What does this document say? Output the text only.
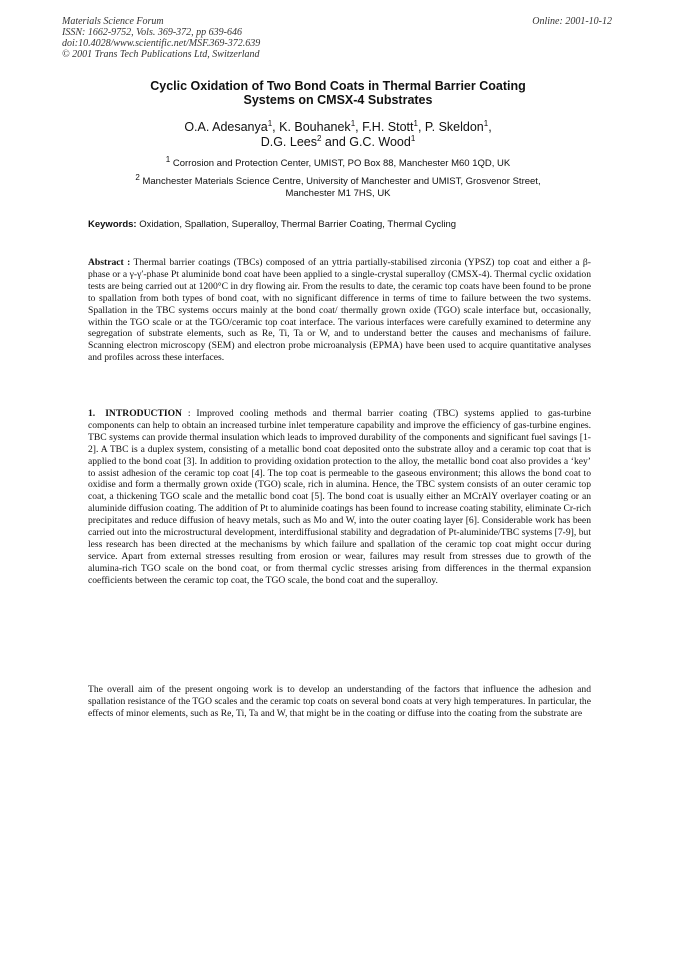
Materials Science Forum
ISSN: 1662-9752, Vols. 369-372, pp 639-646
doi:10.4028/www.scientific.net/MSF.369-372.639
© 2001 Trans Tech Publications Ltd, Switzerland
Online: 2001-10-12
Cyclic Oxidation of Two Bond Coats in Thermal Barrier Coating
Systems on CMSX-4 Substrates
O.A. Adesanya$^1$, K. Bouhanek$^1$, F.H. Stott$^1$, P. Skeldon$^1$,
D.G. Lees$^2$ and G.C. Wood$^1$
$^1$ Corrosion and Protection Center, UMIST, PO Box 88, Manchester M60 1QD, UK
$^2$ Manchester Materials Science Centre, University of Manchester and UMIST, Grosvenor Street,
Manchester M1 7HS, UK
Keywords: Oxidation, Spallation, Superalloy, Thermal Barrier Coating, Thermal Cycling
Abstract : Thermal barrier coatings (TBCs) composed of an yttria partially-stabilised zirconia (YPSZ) top coat and either a β-phase or a γ-γ′-phase Pt aluminide bond coat have been applied to a single-crystal superalloy (CMSX-4). Thermal cyclic oxidation tests are being carried out at 1200°C in dry flowing air. From the results to date, the ceramic top coats have been found to be prone to spallation from both types of bond coat, with no significant difference in terms of time to failure between the two systems. Spallation in the TBC systems occurs mainly at the bond coat/ thermally grown oxide (TGO) scale interface but, occasionally, within the TGO scale or at the TGO/ceramic top coat interface. The various interfaces were carefully examined to determine any segregation of substrate elements, such as Re, Ti, Ta or W, and to understand better the causes and mechanisms of failure. Scanning electron microscopy (SEM) and electron probe microanalysis (EPMA) have been used to acquire quantitative analyses and profiles across these interfaces.
1. INTRODUCTION : Improved cooling methods and thermal barrier coating (TBC) systems applied to gas-turbine components can help to obtain an increased turbine inlet temperature capability and improve the efficiency of gas-turbine engines. TBC systems can provide thermal insulation which leads to improved durability of the components and significant fuel savings [1-2]. A TBC is a duplex system, consisting of a metallic bond coat deposited onto the substrate alloy and a ceramic top coat that is applied to the bond coat [3]. In addition to providing oxidation protection to the alloy, the metallic bond coat also provides a ‘key’ to assist adhesion of the ceramic top coat [4]. The top coat is permeable to the gaseous environment; this allows the bond coat to oxidise and form a thermally grown oxide (TGO) scale, rich in alumina. Hence, the TBC system consists of an outer ceramic top coat, a thickening TGO scale and the metallic bond coat [5]. The bond coat is usually either an MCrAlY overlayer coating or an aluminide diffusion coating. The addition of Pt to aluminide coatings has been found to increase coating stability, eliminate Cr-rich precipitates and reduce diffusion of heavy metals, such as Mo and W, into the outer coating layer [6]. Considerable work has been carried out into the microstructural development, interdiffusional stability and degradation of Pt-aluminide/TBC systems [7-9], but less research has been directed at the mechanisms by which failure and spallation of the ceramic top coat might occur during service. Apart from external stresses resulting from erosion or wear, failures may result from stresses due to growth of the alumina-rich TGO scale on the bond coat, or from thermal cyclic stresses arising from differences in the thermal expansion coefficients between the ceramic top coat, the TGO scale, the bond coat and the superalloy.
The overall aim of the present ongoing work is to develop an understanding of the factors that influence the adhesion and spallation resistance of the TGO scales and the ceramic top coats on several bond coats at very high temperatures. In particular, the effects of minor elements, such as Re, Ti, Ta and W, that might be in the coating or diffuse into the coating from the substrate are
